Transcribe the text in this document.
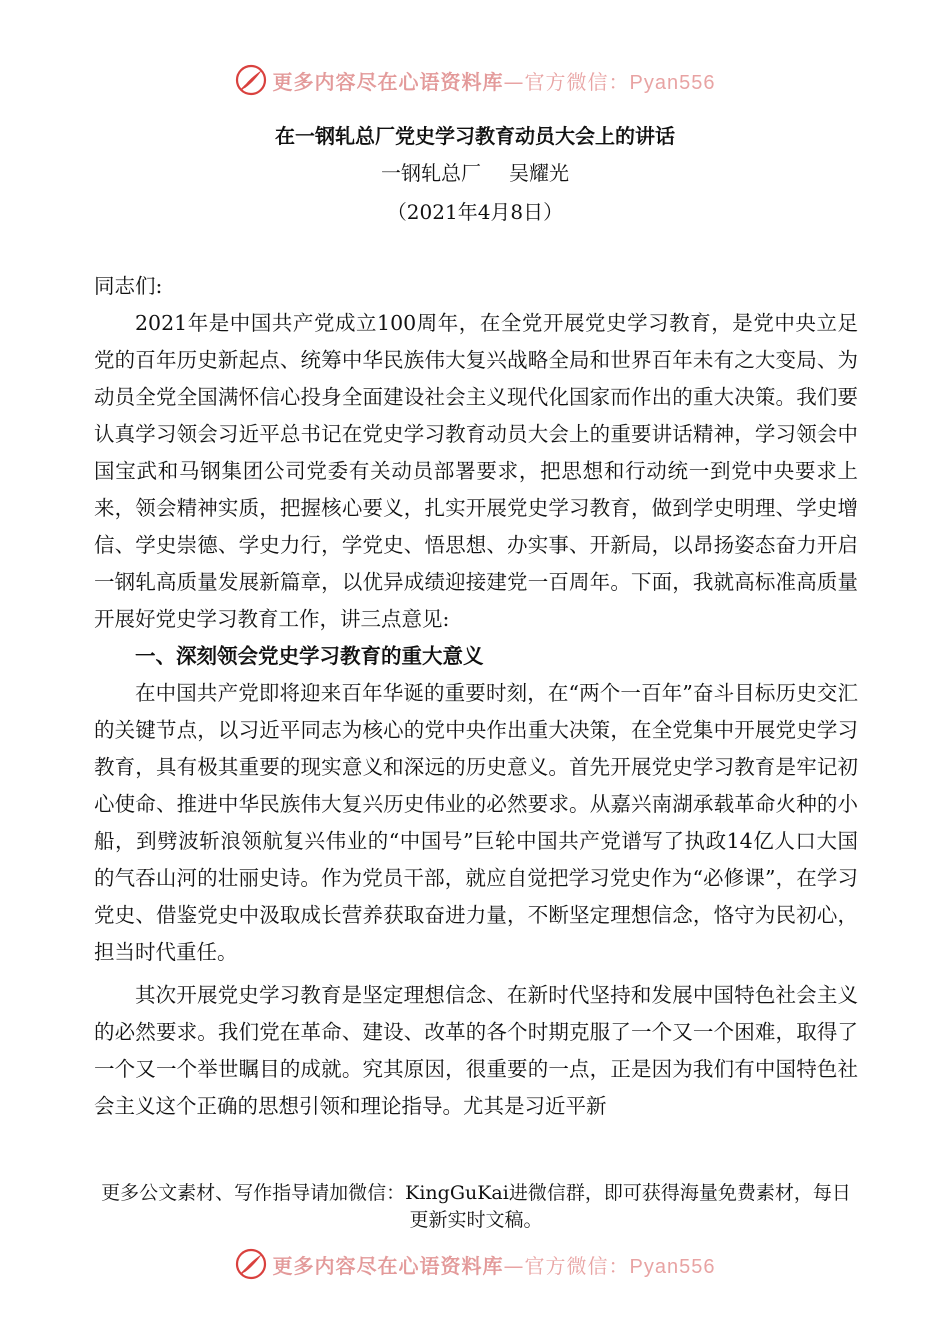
更多内容尽在心语资料库—官方微信：Pyan556
在一钢轧总厂党史学习教育动员大会上的讲话
一钢轧总厂 吴耀光
（2021年4月8日）

同志们:

2021年是中国共产党成立100周年，在全党开展党史学习教育，是党中央立足党的百年历史新起点、统筹中华民族伟大复兴战略全局和世界百年未有之大变局、为动员全党全国满怀信心投身全面建设社会主义现代化国家而作出的重大决策。我们要认真学习领会习近平总书记在党史学习教育动员大会上的重要讲话精神，学习领会中国宝武和马钢集团公司党委有关动员部署要求，把思想和行动统一到党中央要求上来，领会精神实质，把握核心要义，扎实开展党史学习教育，做到学史明理、学史增信、学史崇德、学史力行，学党史、悟思想、办实事、开新局，以昂扬姿态奋力开启一钢轧高质量发展新篇章，以优异成绩迎接建党一百周年。下面，我就高标准高质量开展好党史学习教育工作，讲三点意见:

一、深刻领会党史学习教育的重大意义

在中国共产党即将迎来百年华诞的重要时刻，在“两个一百年”奋斗目标历史交汇的关键节点，以习近平同志为核心的党中央作出重大决策，在全党集中开展党史学习教育，具有极其重要的现实意义和深远的历史意义。首先开展党史学习教育是牢记初心使命、推进中华民族伟大复兴历史伟业的必然要求。从嘉兴南湖承载革命火种的小船，到劈波斩浪领航复兴伟业的“中国号”巨轮中国共产党谱写了执政14亿人口大国的气吞山河的壮丽史诗。作为党员干部，就应自觉把学习党史作为“必修课”，在学习党史、借鉴党史中汲取成长营养获取奋进力量，不断坚定理想信念，恪守为民初心，担当时代重任。

其次开展党史学习教育是坚定理想信念、在新时代坚持和发展中国特色社会主义的必然要求。我们党在革命、建设、改革的各个时期克服了一个又一个困难，取得了一个又一个举世瞩目的成就。究其原因，很重要的一点，正是因为我们有中国特色社会主义这个正确的思想引领和理论指导。尤其是习近平新

更多公文素材、写作指导请加微信：KingGuKai进微信群，即可获得海量免费素材，每日更新实时文稿。
更多内容尽在心语资料库—官方微信：Pyan556
